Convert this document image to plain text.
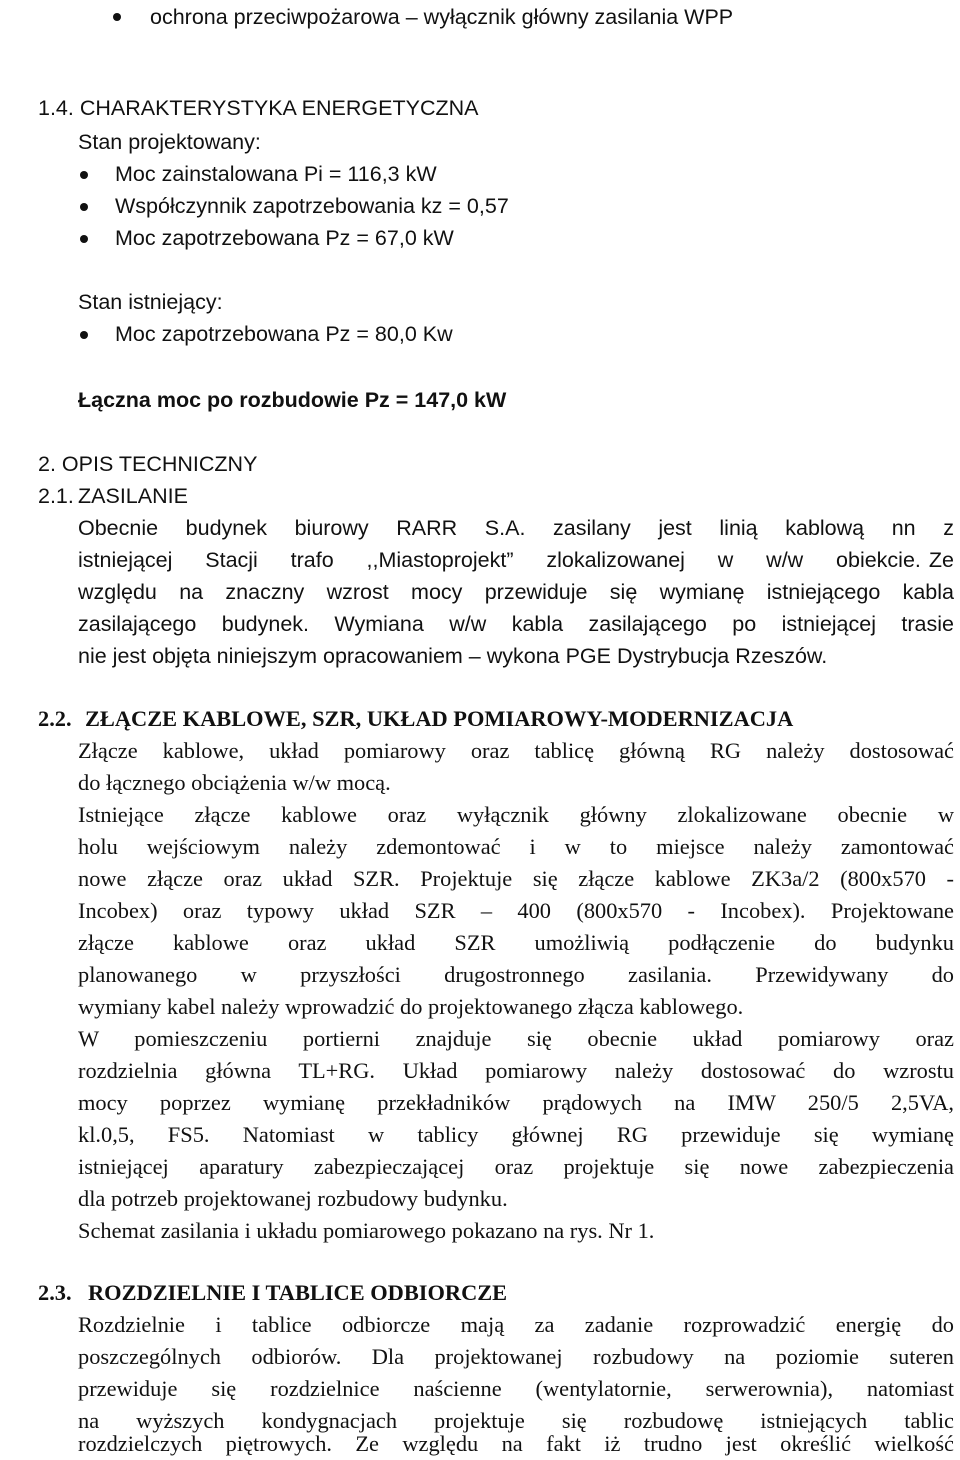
ochrona przeciwpożarowa – wyłącznik główny zasilania WPP
1.4. CHARAKTERYSTYKA ENERGETYCZNA
Stan projektowany:
Moc zainstalowana Pi = 116,3 kW
Współczynnik zapotrzebowania kz = 0,57
Moc zapotrzebowana Pz = 67,0 kW
Stan istniejący:
Moc zapotrzebowana Pz = 80,0 Kw
Łączna moc po rozbudowie Pz = 147,0 kW
2. OPIS TECHNICZNY
2.1. ZASILANIE
Obecnie budynek biurowy RARR S.A. zasilany jest linią kablową nn z
istniejącej Stacji trafo ,,Miastoprojekt” zlokalizowanej w w/w obiekcie. Ze
względu na znaczny wzrost mocy przewiduje się wymianę istniejącego kabla
zasilającego budynek. Wymiana w/w kabla zasilającego po istniejącej trasie
nie jest objęta niniejszym opracowaniem – wykona PGE Dystrybucja Rzeszów.
2.2. ZŁĄCZE KABLOWE, SZR, UKŁAD POMIAROWY-MODERNIZACJA
Złącze kablowe, układ pomiarowy oraz tablicę główną RG należy dostosować
do łącznego obciążenia w/w mocą.
Istniejące złącze kablowe oraz wyłącznik główny zlokalizowane obecnie w
holu wejściowym należy zdemontować i w to miejsce należy zamontować
nowe złącze oraz układ SZR. Projektuje się złącze kablowe ZK3a/2 (800x570 -
Incobex) oraz typowy układ SZR – 400 (800x570 - Incobex). Projektowane
złącze kablowe oraz układ SZR umożliwią podłączenie do budynku
planowanego w przyszłości drugostronnego zasilania. Przewidywany do
wymiany kabel należy wprowadzić do projektowanego złącza kablowego.
W pomieszczeniu portierni znajduje się obecnie układ pomiarowy oraz
rozdzielnia główna TL+RG. Układ pomiarowy należy dostosować do wzrostu
mocy poprzez wymianę przekładników prądowych na IMW 250/5 2,5VA,
kl.0,5, FS5. Natomiast w tablicy głównej RG przewiduje się wymianę
istniejącej aparatury zabezpieczającej oraz projektuje się nowe zabezpieczenia
dla potrzeb projektowanej rozbudowy budynku.
Schemat zasilania i układu pomiarowego pokazano na rys. Nr 1.
2.3. ROZDZIELNIE I TABLICE ODBIORCZE
Rozdzielnie i tablice odbiorcze mają za zadanie rozprowadzić energię do
poszczególnych odbiorów. Dla projektowanej rozbudowy na poziomie suteren
przewiduje się rozdzielnice naścienne (wentylatornie, serwerownia), natomiast
na wyższych kondygnacjach projektuje się rozbudowę istniejących tablic
rozdzielczych piętrowych. Ze względu na fakt iż trudno jest określić wielkość
